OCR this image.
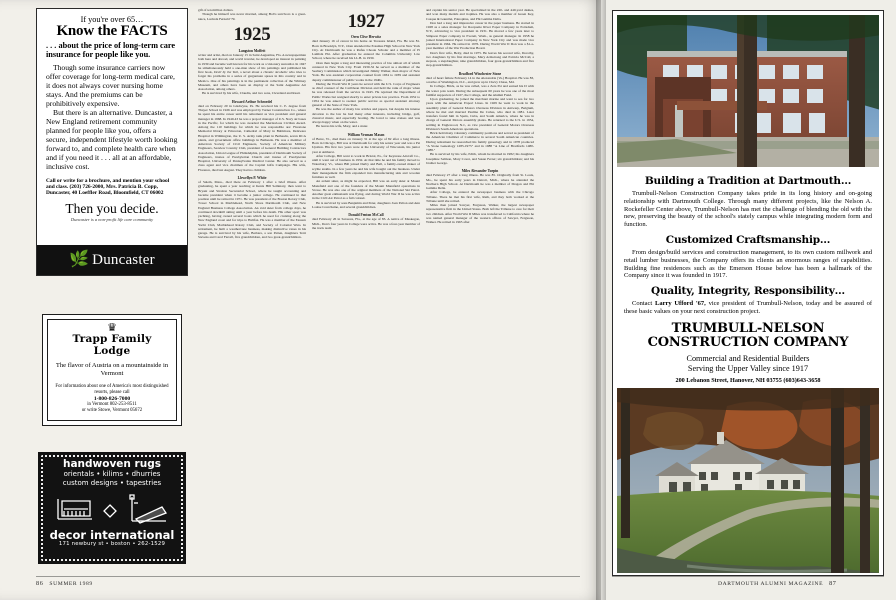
If you're over 65…
Know the FACTS
. . . about the price of long-term care insurance for people like you.

Though some insurance carriers now offer coverage for long-term medical care, it does not always cover nursing home stays. And the premiums can be prohibitively expensive.

But there is an alternative. Duncaster, a New England retirement community planned for people like you, offers a secure, independent lifestyle worth looking forward to, and complete health care when and if you need it . . . all at an affordable, inclusive cost.

Call or write for a brochure, and mention your school and class. (203) 726-2000, Mrs. Patricia B. Copp, Duncaster, 40 Loeffler Road, Bloomfield, CT 06002
Then you decide.
Duncaster is a non-profit life care community
🌿 Duncaster
♛
Trapp Family
Lodge
The flavor of Austria on a mountainside in Vermont
For information about one of America's most distinguished resorts, please call
1-800-826-7000
in Vermont 802-253-8511
or write Stowe, Vermont 05672
handwoven rugs
orientals • kilims • dhurries
custom designs • tapestries
decor international
171 newbury st • boston • 262-1529

gift of ten million dollars.

Though he himself was never married, among Bob's survivors is a great-niece, Lucinda Fernald '79.

1925

Langston Moffett

writer and artist, died on January 15 in Saint Augustine, Fla. A newspaperman both here and abroad, and world traveler, he developed an interest in painting in 1939 and became well known for his work as a visionary surrealist. In 1947 he simultaneously held a one-man show of his paintings and published his first book, Devil by the Tail, a novel about a chronic alcoholic who tries to forget his problems in a series of gargantuan sprees in this country and in Mexico. One of his paintings is in the permanent collection of the Whitney Museum, and others have been on display at the Saint Augustine Art Association, among others.

He is survived by his wife, Claudia, and two sons, Cleveland and Read.

Howard Arthur Schroedel

died on February 20 in Gladwyne, Pa. He received his C. E. degree from Thayer School in 1926 and was employed by Turner Construction Co., where he spent his entire career until his retirement as vice president and general manager in 1968. In 1940-43 he was a project manager of U.S. Navy air bases in the Pacific, for which he was awarded the Meritorious Civilian Award. Among the 110 buildings for which he was responsible are: Firestone Memorial library at Princeton, Cathedral of Mary in Baltimore, Delaware Hospital in Wilmington, the U. S. Army tank plant in Bethesda, seven RCA plants, and government office buildings in Bethesda. He was a member of American Society of Civil Engineers, Society of American Military Engineers, Seaview Country Club, president of General Building Contractors Association, Union League of Philadelphia, president of Dartmouth Society of Engineers, trustee of Presbyterian Church and trustee of Presbyterian Hospital, University of Pennsylvania Medical Center. He also served as a class agent and vice chairman of the Capital Gifts Campaign. His wife, Florence, died last August. They had no children.

Llewellyn P. White

of Salem, Mass., died there on February 1 after a brief illness. After graduating, he spent a year teaching at Kents Hill Seminary, then went to Bryant and Stratton Secretarial School, where he taught accounting and became president when it became a junior college. He continued in that position until he retired in 1971. He was president of the Boston Rotary Club, Tower School in Marblehead, North Shore Dartmouth Club, and New England Business College Association. An avid skier from college days, he continued downhill skiing until a year before his death. His other sport was yachting, having owned several boats which he used for cruising along the New England coast and for trips to Halifax. He was a member of the Eastern Yacht Club, Marblehead Rotary Club, and Society of Colonial Wars. In retirement, he built a weathervane business, making distinctive vanes in his garage. He is survived by his wife, Barbara, a son Patten, daughters Terri Stevens and Carol Farrell, five grandchildren, and two great-grandchildren.

1927

Oren Clive Herwitz

died January 16 of cancer in his home on Treasure Island, Fla. He was 81. Born in Brooklyn, N.Y., Oren attended the Erasmus High School in New York City. At Dartmouth he was a Rufus Choate Scholar and a member of Pi Lambda Phi. After graduation he entered the Columbia University Law School, where he received his LL.B. in 1930.

Oren then began a long and interesting practice of law almost all of which centered in New York City. From 1930-32 he served as a member of the Seabury Commission which investigated Jimmy Walker, then mayor of New York. He was assistant corporation counsel from 1934 to 1939 and assistant deputy commissioner of public works in the 1940s.

During the World War II years he served with the U.S. Corps of Engineers as chief counsel of the Caribbean Division and held the rank of major when he was released from the service in 1945. He rejoined the Department of Public Works but resigned shortly to enter private law practice. From 1952 to 1954 he was asked to reenter public service as special assistant attorney general of the State of New York.

He was the author of many law articles and papers, but despite his intense devotion to the law he had many other interests, including bridge, golf, classical music, and especially boating. He loved to take cruises and was always happy when on the water.

He leaves his wife, Mary, and a sister.

William Vroman Mason

of Barre, Vt., died there on January 31 at the age of 82 after a long illness. Born in Chicago, Bill was at Dartmouth for only his senior year and was a Psi Upsilon. His first two years were at the University of Wisconsin, his junior year at Amherst.

After College, Bill went to work in Bristol, Pa., for Keystone Aircraft Co., until it went out of business in 1932. At that time he and his family moved to Waterbury, Vt., where Bill joined Derby and Ball, a family-owned maker of scythe snaths. In a few years he and his wife bought out the business. Under their management the firm expanded into manufacturing skis and wooden furniture as well.

An ardent skier, as might be expected, Bill was an early skier at Mount Mansfield and one of the founders of the Mount Mansfield operations in Stowe. He was also one of the original members of the National Ski Patrol. Another great enthusiasm was flying, and during World War II he was active in the Civil Air Patrol as a full colonel.

He is survived by sons Benjamin and Peter, daughters Joan Pelton and Ann Louise Courchaine, and several grandchildren.

Donald Fenton McCall

died February 26 in Sarasota, Fla., at the age of 83. A native of Muskegon, Mich., Don's four years in College were active. He was a four-year member of the track team

and captain his senior year. He specialized in the 220- and 440-yard dashes, and won many medals and trophies. He was also a member of Green Key, Casque & Gauntlet, Paleopitus, and Phi Gamma Delta.

Don had a long and impressive career in the paper business. He started in 1928 as a sales manager for Racquette River Paper Company in Pottsdam, N.Y., advancing to vice president in 1931. He moved a few years later to Simpson Paper company in Everett, Wash., as general manager. In 1958 he joined International Paper Company in New York City and was made vice president in 1964. He retired in 1976. During World War II Don was a $1-a-year member of the War Production Board.

Don's first wife, Betty, died in 1975. He leaves his second wife, Dorothy, two daughters by his first marriage, Mary Armstrong and Patricia McCall, a stepson, a stepdaughter, nine grandchildren, four great-grandchildren and five step-grandchildren.

Bradford Winchester Stone

died of heart failure February 14 in the Alexandria (Va.) Hospital. He was 83, a native of Washington, D.C., and grew up in Chevy Chase, Md.

In College, Brick, as he was called, was a Zeta Psi and earned his D with the water polo team. During the subsequent 60 years he was one of the most faithful supporters of 1927, the College, and the Alumni Fund.

Upon graduating, he joined the merchant marine and went to sea for two years with the American Export Lines. In 1929 he went to work in the assembly plant of General Motors Overseas Division in Antwerp, Belgium, where he met and married Paulina De Cubas, who died in 1981. Later transfers found him in Spain, Cuba, and South America, where he was in charge of General Motors assembly plants. He returned to the U.S. in 1954, settling in Englewood, N.J., as vice president of General Motors Overseas Division's South American operations.

Brick held many voluntary community positions and served as president of the American Chamber of Commerce in several South American countries. During retirement he researched his family genealogy and in 1978 produced "A Stone Genealogy 1285-1975" and in 1988 "A Line of Bradfords 1480-1988."

He is survived by his wife, Edith, whom he married in 1982; his daughters Josephine Salmon, Mary Cover, and Susan Ferrer; six grandchildren; and his brother George.

Miles Alexander Turpin

died February 27 after a long illness. He was 85. Originally from St. Louis, Mo., he spent his early years in Detroit, Mich., where he attended the Northern High School. At Dartmouth he was a member of Dragon and Phi Gamma Delta.

After College, he entered the newspaper business with the Chicago Tribune. There he met his first wife, Ruth, and they both worked at the Tribune until she retired.

Miles then joined Sawyer, Ferguson, Walker, the largest newspaper representative firm in the United States. Both left the Tribune to care for their two children. After World War II Miles was transferred to California where he was named general manager of the western offices of Sawyer, Ferguson, Walker. He retired in 1965 after

Building a Tradition at Dartmouth…

Trumbull-Nelson Construction Company takes pride in its long history and on-going relationship with Dartmouth College. Through many different projects, like the Nelson A. Rockefeller Center above, Trumbull-Nelson has met the challenge of blending the old with the new, preserving the beauty of the school's stately campus while integrating modern form and function.

Customized Craftsmanship…

From design/build services and construction management, to its own custom millwork and retail lumber businesses, the Company offers its clients an enormous ranges of capabilities. Building fine residences such as the Emerson House below has been a hallmark of the Company since it was founded in 1917.

Quality, Integrity, Responsibility…

Contact Larry Ufford '67, vice president of Trumbull-Nelson, today and be assured of these basic values on your next construction project.

TRUMBULL-NELSON
CONSTRUCTION COMPANY
Commercial and Residential Builders
Serving the Upper Valley since 1917
200 Lebanon Street, Hanover, NH 03755 (603)643-3658
86 SUMMER 1989	DARTMOUTH ALUMNI MAGAZINE 87
